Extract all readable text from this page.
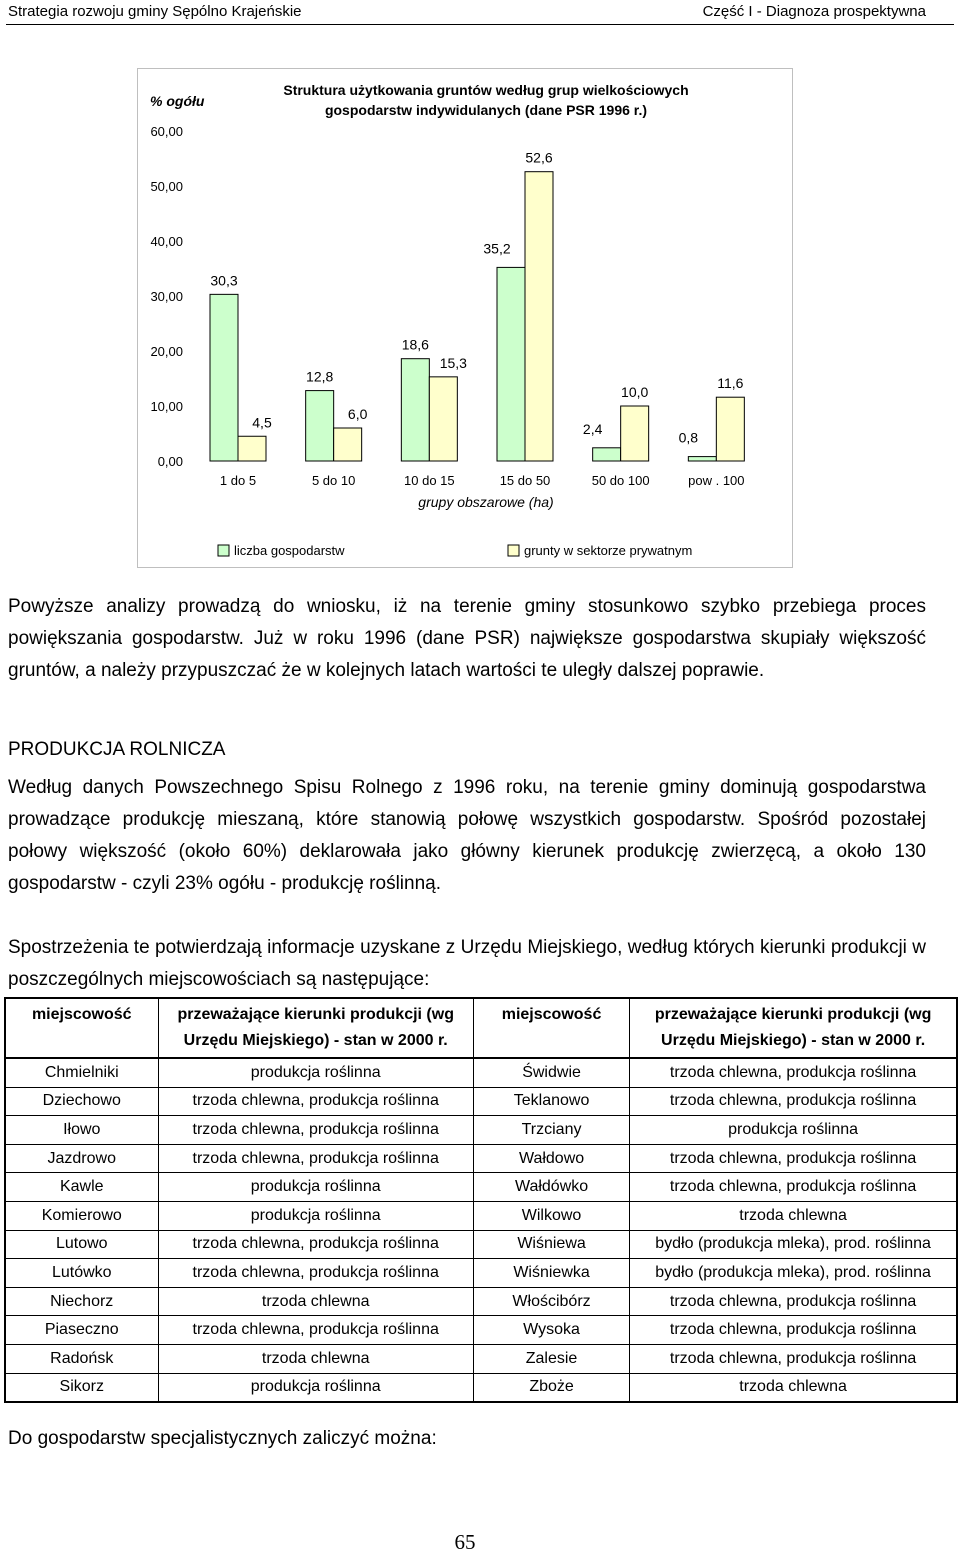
Strategia rozwoju gminy Sępólno Krajeńskie	Część I - Diagnoza prospektywna
Struktura użytkowania gruntów według grup wielkościowych
gospodarstw indywidulanych (dane PSR 1996 r.)
% ogółu
0,00
10,00
20,00
30,00
40,00
50,00
60,00
30,3
12,8
18,6
35,2
2,4
0,8
4,5
6,0
15,3
52,6
10,0
11,6
1 do 5	5 do 10	10 do 15	15 do 50	50 do 100	pow . 100
grupy obszarowe (ha)
liczba gospodarstw	grunty w sektorze prywatnym
Powyższe analizy prowadzą do wniosku, iż na terenie gminy stosunkowo szybko przebiega proces powiększania gospodarstw. Już w roku 1996 (dane PSR) największe gospodarstwa skupiały większość gruntów, a należy przypuszczać że w kolejnych latach wartości te uległy dalszej poprawie.
PRODUKCJA ROLNICZA
Według danych Powszechnego Spisu Rolnego z 1996 roku, na terenie gminy dominują gospodarstwa prowadzące produkcję mieszaną, które stanowią połowę wszystkich gospodarstw. Spośród pozostałej połowy większość (około 60%) deklarowała jako główny kierunek produkcję zwierzęcą, a około 130 gospodarstw - czyli 23% ogółu - produkcję roślinną.
Spostrzeżenia te potwierdzają informacje uzyskane z Urzędu Miejskiego, według których kierunki produkcji w poszczególnych miejscowościach są następujące:
miejscowość	przeważające kierunki produkcji (wg Urzędu Miejskiego) - stan w 2000 r.	miejscowość	przeważające kierunki produkcji (wg Urzędu Miejskiego) - stan w 2000 r.
Chmielniki	produkcja roślinna	Świdwie	trzoda chlewna, produkcja roślinna
Dziechowo	trzoda chlewna, produkcja roślinna	Teklanowo	trzoda chlewna, produkcja roślinna
Iłowo	trzoda chlewna, produkcja roślinna	Trzciany	produkcja roślinna
Jazdrowo	trzoda chlewna, produkcja roślinna	Wałdowo	trzoda chlewna, produkcja roślinna
Kawle	produkcja roślinna	Wałdówko	trzoda chlewna, produkcja roślinna
Komierowo	produkcja roślinna	Wilkowo	trzoda chlewna
Lutowo	trzoda chlewna, produkcja roślinna	Wiśniewa	bydło (produkcja mleka), prod. roślinna
Lutówko	trzoda chlewna, produkcja roślinna	Wiśniewka	bydło (produkcja mleka), prod. roślinna
Niechorz	trzoda chlewna	Włościbórz	trzoda chlewna, produkcja roślinna
Piaseczno	trzoda chlewna, produkcja roślinna	Wysoka	trzoda chlewna, produkcja roślinna
Radońsk	trzoda chlewna	Zalesie	trzoda chlewna, produkcja roślinna
Sikorz	produkcja roślinna	Zboże	trzoda chlewna
Do gospodarstw specjalistycznych zaliczyć można:
65
